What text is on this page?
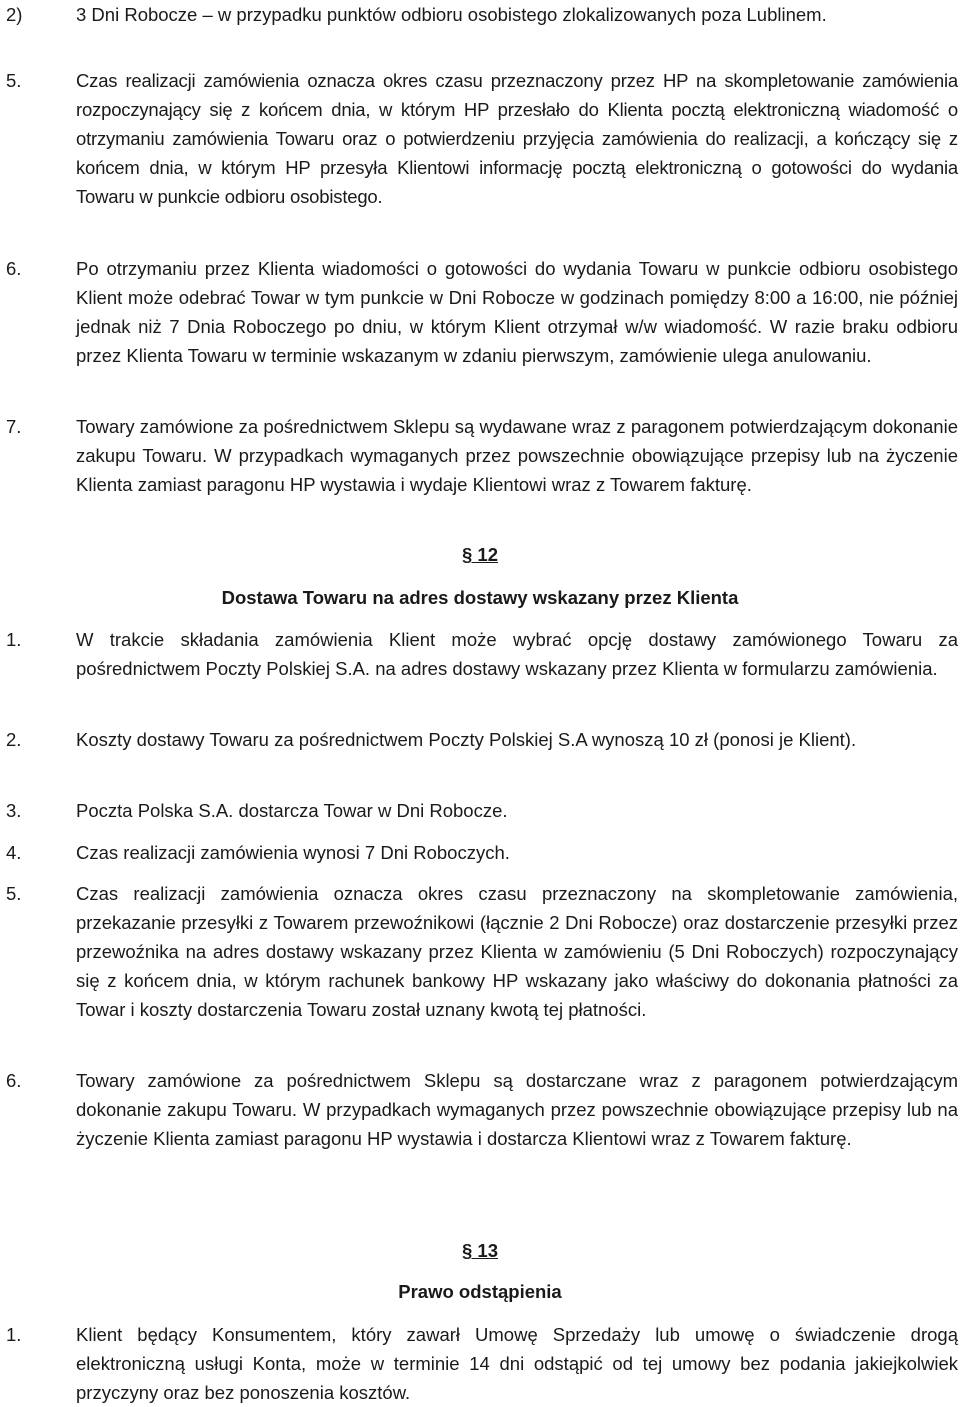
2)	3 Dni Robocze – w przypadku punktów odbioru osobistego zlokalizowanych poza Lublinem.
5.	Czas realizacji zamówienia oznacza okres czasu przeznaczony przez HP na skompletowanie zamówienia rozpoczynający się z końcem dnia, w którym HP przesłało do Klienta pocztą elektroniczną wiadomość o otrzymaniu zamówienia Towaru oraz o potwierdzeniu przyjęcia zamówienia do realizacji, a kończący się z końcem dnia, w którym HP przesyła Klientowi informację pocztą elektroniczną o gotowości do wydania Towaru w punkcie odbioru osobistego.
6.	Po otrzymaniu przez Klienta wiadomości o gotowości do wydania Towaru w punkcie odbioru osobistego Klient może odebrać Towar w tym punkcie w Dni Robocze w godzinach pomiędzy 8:00 a 16:00, nie później jednak niż 7 Dnia Roboczego po dniu, w którym Klient otrzymał w/w wiadomość. W razie braku odbioru przez Klienta Towaru w terminie wskazanym w zdaniu pierwszym, zamówienie ulega anulowaniu.
7.	Towary zamówione za pośrednictwem Sklepu są wydawane wraz z paragonem potwierdzającym dokonanie zakupu Towaru. W przypadkach wymaganych przez powszechnie obowiązujące przepisy lub na życzenie Klienta zamiast paragonu HP wystawia i wydaje Klientowi wraz z Towarem fakturę.
§ 12
Dostawa Towaru na adres dostawy wskazany przez Klienta
1.	W trakcie składania zamówienia Klient może wybrać opcję dostawy zamówionego Towaru za pośrednictwem Poczty Polskiej S.A. na adres dostawy wskazany przez Klienta w formularzu zamówienia.
2.	Koszty dostawy Towaru za pośrednictwem Poczty Polskiej S.A wynoszą 10 zł (ponosi je Klient).
3.	Poczta Polska S.A. dostarcza Towar w Dni Robocze.
4.	Czas realizacji zamówienia wynosi 7 Dni Roboczych.
5.	Czas realizacji zamówienia oznacza okres czasu przeznaczony na skompletowanie zamówienia, przekazanie przesyłki z Towarem przewoźnikowi (łącznie 2 Dni Robocze) oraz dostarczenie przesyłki przez przewoźnika na adres dostawy wskazany przez Klienta w zamówieniu (5 Dni Roboczych) rozpoczynający się z końcem dnia, w którym rachunek bankowy HP wskazany jako właściwy do dokonania płatności za Towar i koszty dostarczenia Towaru został uznany kwotą tej płatności.
6.	Towary zamówione za pośrednictwem Sklepu są dostarczane wraz z paragonem potwierdzającym dokonanie zakupu Towaru. W przypadkach wymaganych przez powszechnie obowiązujące przepisy lub na życzenie Klienta zamiast paragonu HP wystawia i dostarcza Klientowi wraz z Towarem fakturę.
§ 13
Prawo odstąpienia
1.	Klient będący Konsumentem, który zawarł Umowę Sprzedaży lub umowę o świadczenie drogą elektroniczną usługi Konta, może w terminie 14 dni odstąpić od tej umowy bez podania jakiejkolwiek przyczyny oraz bez ponoszenia kosztów.
